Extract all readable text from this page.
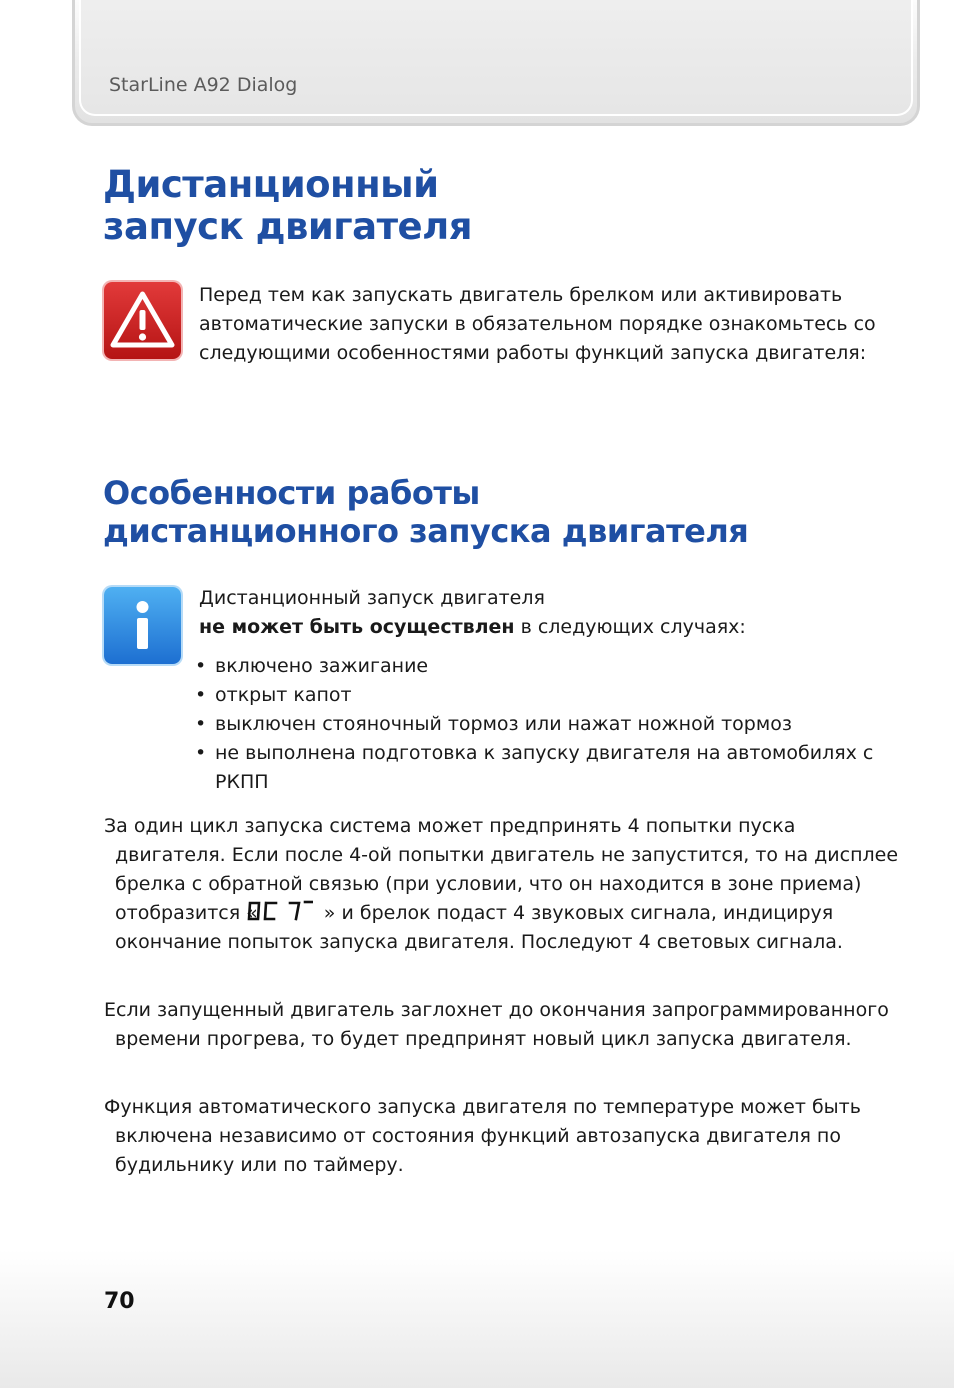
StarLine A92 Dialog
Дистанционный
запуск двигателя

Перед тем как запускать двигатель брелком или активировать автоматические запуски в обязательном порядке ознакомьтесь со следующими особенностями работы функций запуска двигателя:

Особенности работы
дистанционного запуска двигателя

Дистанционный запуск двигателя
не может быть осуществлен в следующих случаях:

• включено зажигание
• открыт капот
• выключен стояночный тормоз или нажат ножной тормоз
• не выполнена подготовка к запуску двигателя на автомобилях с РКПП

За один цикл запуска система может предпринять 4 попытки пуска двигателя. Если после 4-ой попытки двигатель не запустится, то на дисплее брелка с обратной связью (при условии, что он находится в зоне приема) отобразится «	» и брелок подаст 4 звуковых сигнала, индицируя окончание попыток запуска двигателя. Последуют 4 световых сигнала.

Если запущенный двигатель заглохнет до окончания запрограммированного времени прогрева, то будет предпринят новый цикл запуска двигателя.

Функция автоматического запуска двигателя по температуре может быть включена независимо от состояния функций автозапуска двигателя по будильнику или по таймеру.

70
